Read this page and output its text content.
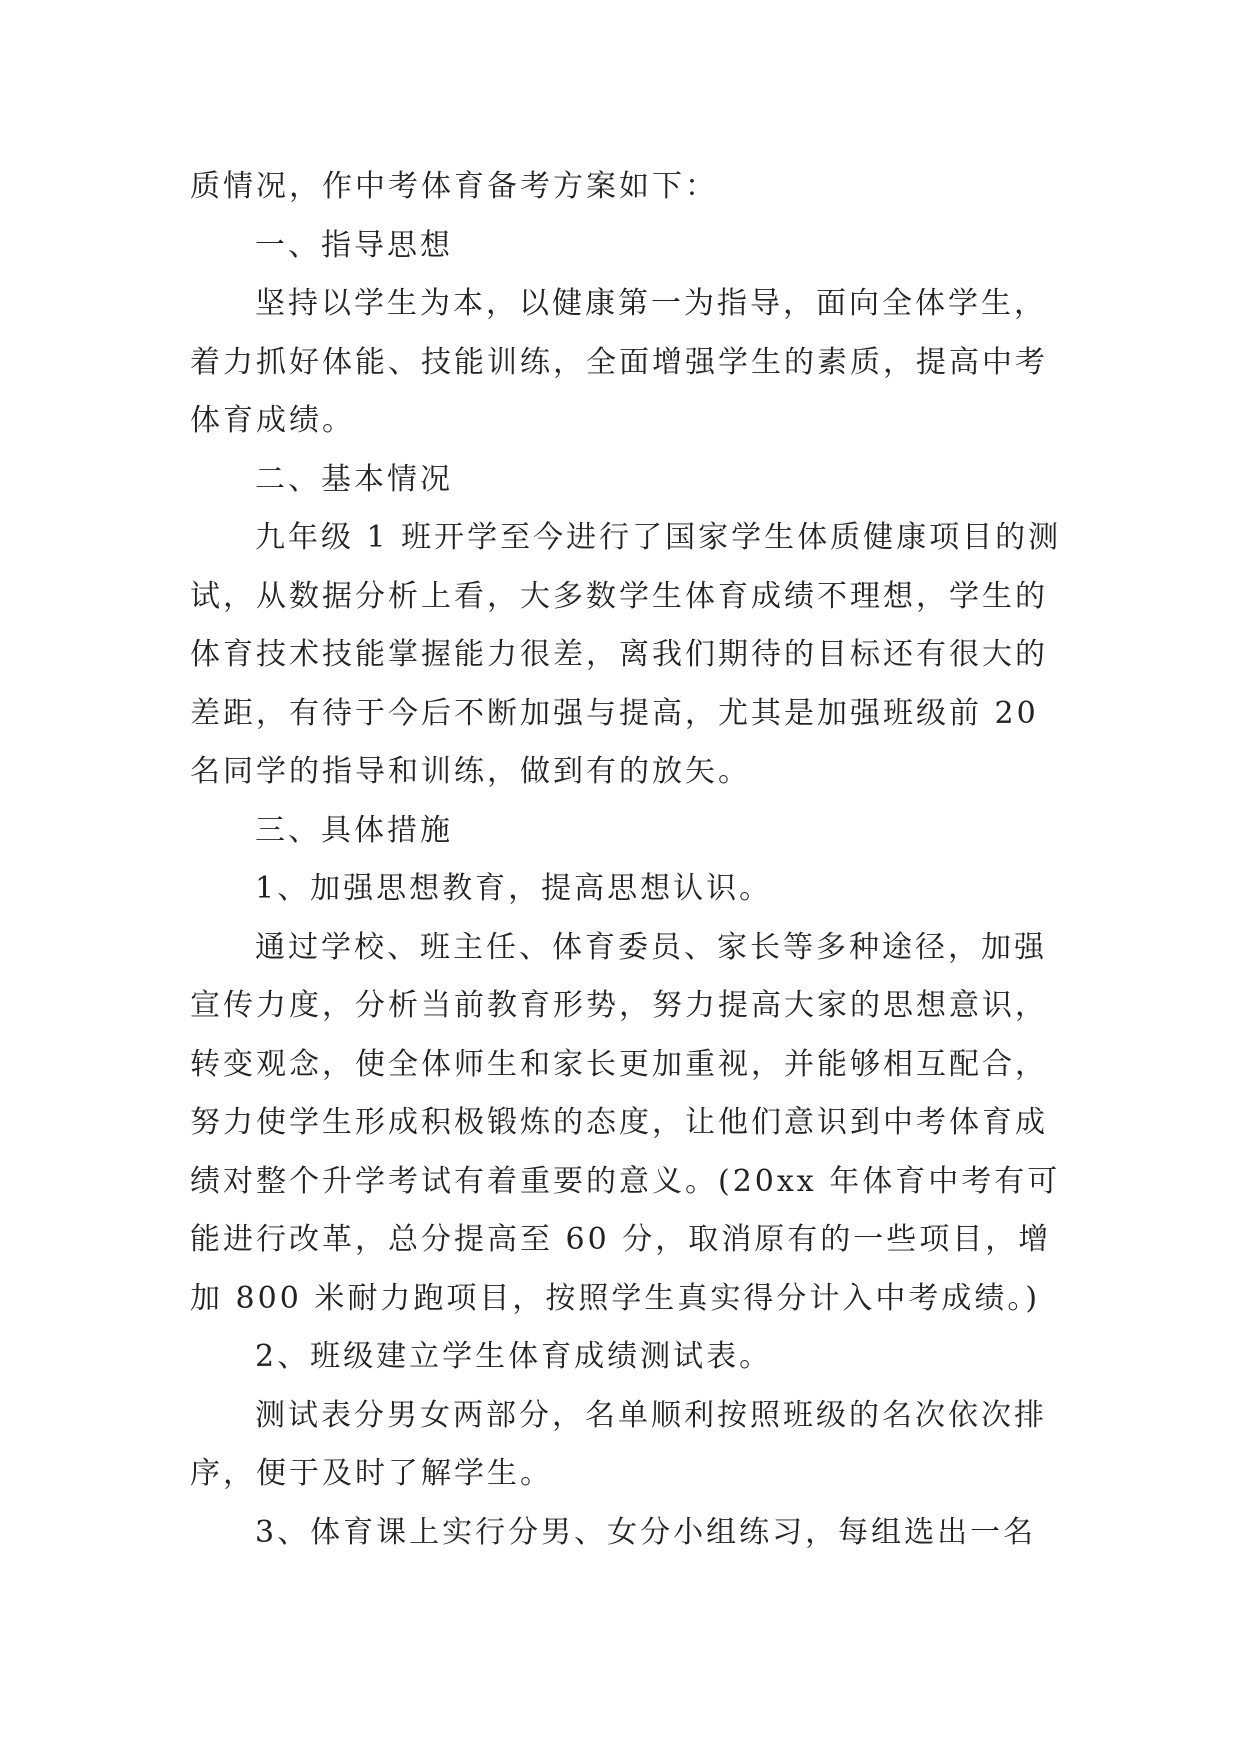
质情况，作中考体育备考方案如下：
一、指导思想
坚持以学生为本，以健康第一为指导，面向全体学生，
着力抓好体能、技能训练，全面增强学生的素质，提高中考
体育成绩。
二、基本情况
九年级 1 班开学至今进行了国家学生体质健康项目的测
试，从数据分析上看，大多数学生体育成绩不理想，学生的
体育技术技能掌握能力很差，离我们期待的目标还有很大的
差距，有待于今后不断加强与提高，尤其是加强班级前 20
名同学的指导和训练，做到有的放矢。
三、具体措施
1、加强思想教育，提高思想认识。
通过学校、班主任、体育委员、家长等多种途径，加强
宣传力度，分析当前教育形势，努力提高大家的思想意识，
转变观念，使全体师生和家长更加重视，并能够相互配合，
努力使学生形成积极锻炼的态度，让他们意识到中考体育成
绩对整个升学考试有着重要的意义。(20xx 年体育中考有可
能进行改革，总分提高至 60 分，取消原有的一些项目，增
加 800 米耐力跑项目，按照学生真实得分计入中考成绩。)
2、班级建立学生体育成绩测试表。
测试表分男女两部分，名单顺利按照班级的名次依次排
序，便于及时了解学生。
3、体育课上实行分男、女分小组练习，每组选出一名
